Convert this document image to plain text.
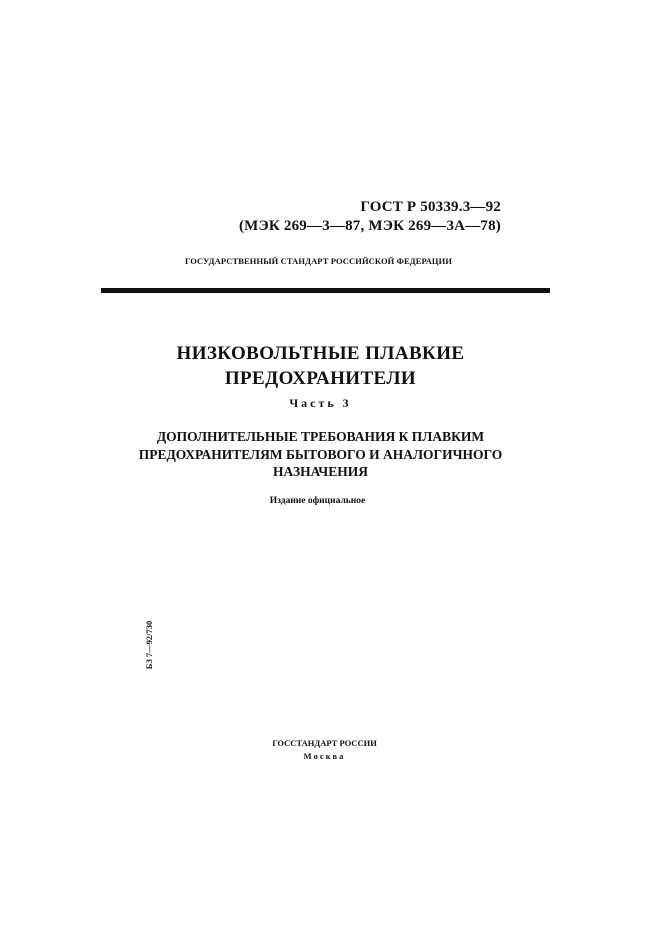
ГОСТ Р 50339.3—92
(МЭК 269—3—87, МЭК 269—3А—78)
ГОСУДАРСТВЕННЫЙ СТАНДАРТ РОССИЙСКОЙ ФЕДЕРАЦИИ
НИЗКОВОЛЬТНЫЕ ПЛАВКИЕ
ПРЕДОХРАНИТЕЛИ
Часть 3
ДОПОЛНИТЕЛЬНЫЕ ТРЕБОВАНИЯ К ПЛАВКИМ
ПРЕДОХРАНИТЕЛЯМ БЫТОВОГО И АНАЛОГИЧНОГО
НАЗНАЧЕНИЯ
Издание официальное
БЗ 7—92/730
ГОССТАНДАРТ РОССИИ
Москва
